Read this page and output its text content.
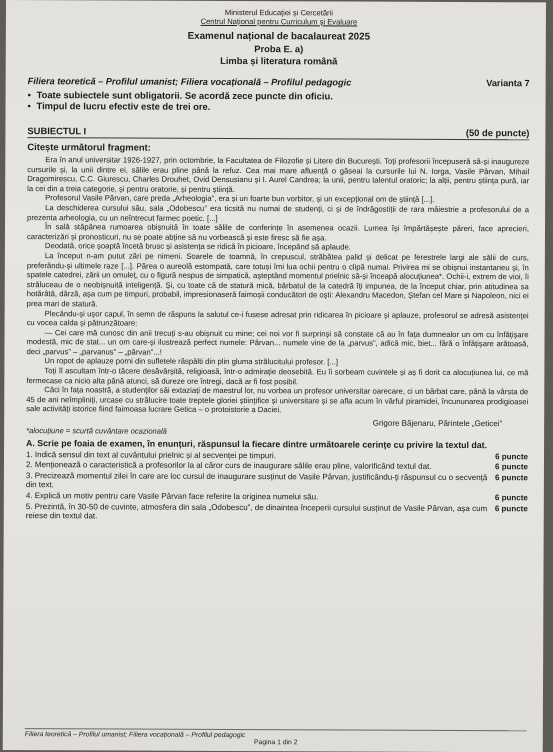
Ministerul Educației și Cercetării
Centrul Național pentru Curriculum și Evaluare
Examenul național de bacalaureat 2025
Proba E. a)
Limba și literatura română
Filiera teoretică – Profilul umanist; Filiera vocațională – Profilul pedagogic	Varianta 7
• Toate subiectele sunt obligatorii. Se acordă zece puncte din oficiu.
• Timpul de lucru efectiv este de trei ore.
SUBIECTUL I	(50 de puncte)
Citește următorul fragment:

Era în anul universitar 1926-1927, prin octombrie, la Facultatea de Filozofie și Litere din București. Toți profesorii începuseră să-și inaugureze cursurile și, la unii dintre ei, sălile erau pline până la refuz. Cea mai mare afluență o găseai la cursurile lui N. Iorga, Vasile Pârvan, Mihail Dragomirescu, C.C. Giurescu, Charles Drouhet, Ovid Densusianu și I. Aurel Candrea; la unii, pentru talentul oratoric; la alții, pentru știința pură, iar la cei din a treia categorie, și pentru oratorie, și pentru știință.

Profesorul Vasile Pârvan, care preda „Arheologia”, era și un foarte bun vorbitor, și un excepțional om de știință [...].

La deschiderea cursului său, sala „Odobescu” era ticsită nu numai de studenți, ci și de îndrăgostiții de rara măiestrie a profesorului de a prezenta arheologia, cu un neîntrecut farmec poetic. [...]

În sală stăpânea rumoarea obișnuită în toate sălile de conferințe în asemenea ocazii. Lumea își împărtășește păreri, face aprecieri, caracterizări și pronosticuri, nu se poate abține să nu vorbească și este firesc să fie așa.

Deodată, orice șoaptă încetă brusc și asistența se ridică în picioare, începând să aplaude.

La început n-am putut zări pe nimeni. Soarele de toamnă, în crepuscul, străbătea palid și delicat pe ferestrele largi ale sălii de curs, preferându-și ultimele raze [...]. Părea o aureolă estompată, care totuși îmi lua ochii pentru o clipă numai. Privirea mi se obișnui instantaneu și, în spatele catedrei, zării un omuleț, cu o figură nespus de simpatică, așteptând momentul prielnic să-și înceapă alocuțiunea*. Ochii-i, extrem de vioi, îi străluceau de o neobișnuită inteligență. Și, cu toate că de statură mică, bărbatul de la catedră îți impunea, de la început chiar, prin atitudinea sa hotărâtă, dârză, așa cum pe timpuri, probabil, impresionaseră faimoșii conducători de oști: Alexandru Macedon, Ștefan cel Mare și Napoleon, nici ei prea mari de statură.

Plecându-și ușor capul, în semn de răspuns la salutul ce-i fusese adresat prin ridicarea în picioare și aplauze, profesorul se adresă asistenței cu vocea calda și pătrunzătoare:

— Cei care mă cunosc din anii trecuți s-au obișnuit cu mine; cei noi vor fi surprinși să constate că au în fața dumnealor un om cu înfățișare modestă, mic de stat... un om care-și ilustrează perfect numele: Pârvan... numele vine de la „parvus”, adică mic, biet... fără o înfățișare arătoasă, deci „parvus” – „parvanus” – „pârvan”...!

Un ropot de aplauze porni din sufletele răspâlti din plin gluma strălucitului profesor. [...]

Toți îl ascultam într-o tăcere desăvârșită, religioasă, într-o admirație deosebită. Eu îi sorbeam cuvintele și aș fi dorit ca alocuțiunea lui, ce mă fermecase ca nicio alta până atunci, să dureze ore întregi, dacă ar fi fost posibil.

Căci în fața noastră, a studenților săi extaziați de maestrul lor, nu vorbea un profesor universitar oarecare, ci un bărbat care, până la vârsta de 45 de ani neîmpliniți, urcase cu strălucire toate treptele gloriei științifice și universitare și se afla acum în vârful piramidei, încununarea prodigioasei sale activități istorice fiind faimoasa lucrare Getica – o protoistorie a Daciei.

Grigore Băjenaru, Părintele „Geticei”
*alocuțiune = scurtă cuvântare ocazională
A. Scrie pe foaia de examen, în enunțuri, răspunsul la fiecare dintre următoarele cerințe cu privire la textul dat.
6 puncte
1. Indică sensul din text al cuvântului prielnic și al secvenței pe timpuri.
6 puncte
2. Menționează o caracteristică a profesorilor la al căror curs de inaugurare sălile erau pline, valorificând textul dat.
6 puncte
3. Precizează momentul zilei în care are loc cursul de inaugurare susținut de Vasile Pârvan, justificându-ți răspunsul cu o secvență din text.
6 puncte
4. Explică un motiv pentru care Vasile Pârvan face referire la originea numelui său.
6 puncte
5. Prezintă, în 30-50 de cuvinte, atmosfera din sala „Odobescu”, de dinaintea începerii cursului susținut de Vasile Pârvan, așa cum reiese din textul dat.
Filiera teoretică – Profilul umanist; Filiera vocațională – Profilul pedagogic
Pagina 1 din 2
